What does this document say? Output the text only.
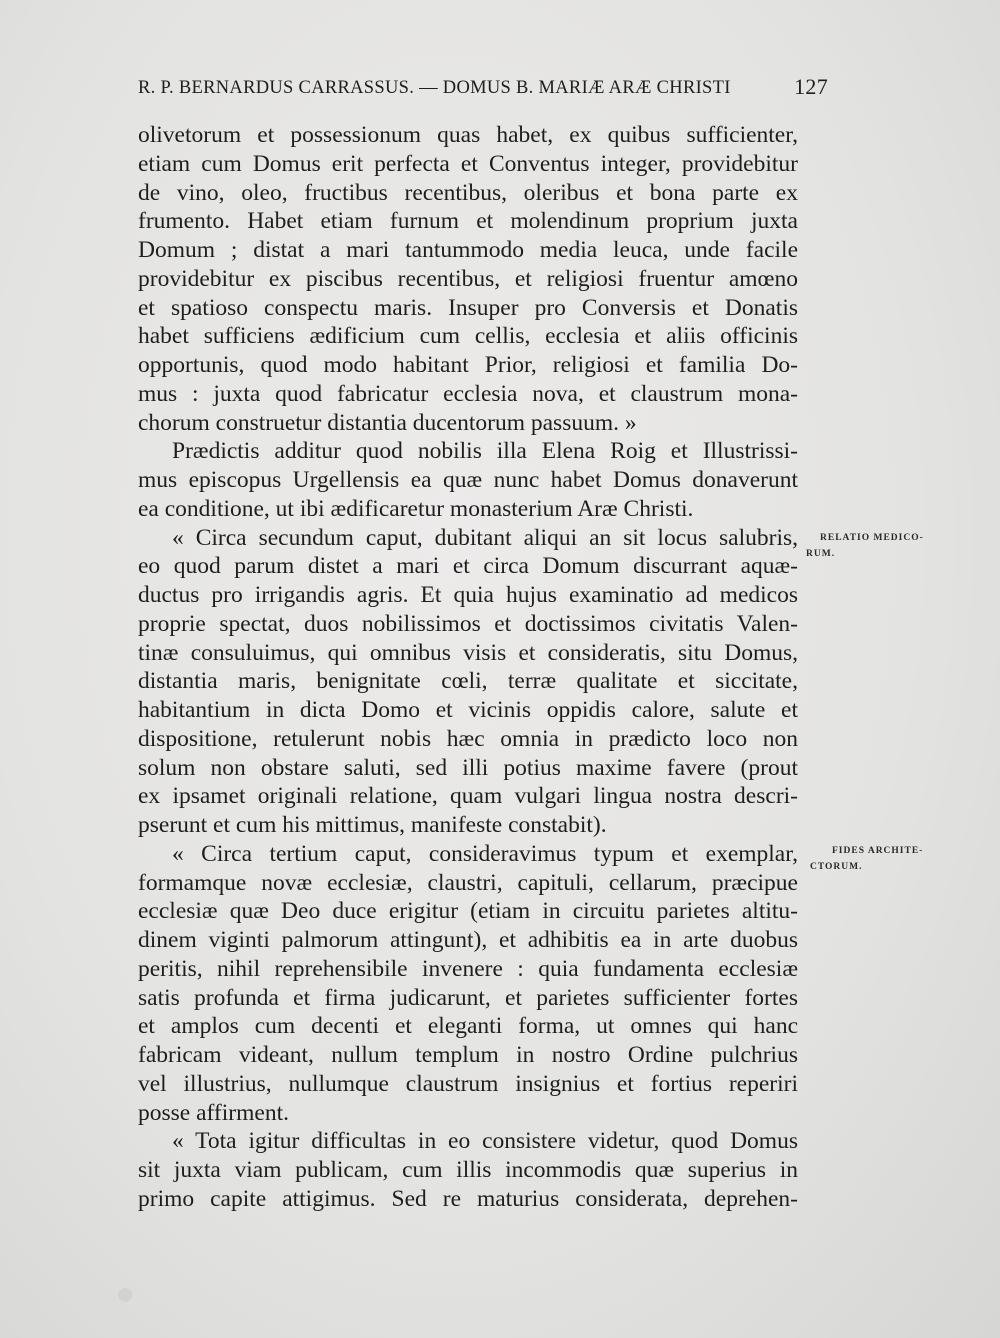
R. P. BERNARDUS CARRASSUS. — DOMUS B. MARIÆ ARÆ CHRISTI	127
olivetorum et possessionum quas habet, ex quibus sufficienter,
etiam cum Domus erit perfecta et Conventus integer, providebitur
de vino, oleo, fructibus recentibus, oleribus et bona parte ex
frumento. Habet etiam furnum et molendinum proprium juxta
Domum ; distat a mari tantummodo media leuca, unde facile
providebitur ex piscibus recentibus, et religiosi fruentur amœno
et spatioso conspectu maris. Insuper pro Conversis et Donatis
habet sufficiens ædificium cum cellis, ecclesia et aliis officinis
opportunis, quod modo habitant Prior, religiosi et familia Do-
mus : juxta quod fabricatur ecclesia nova, et claustrum mona-
chorum construetur distantia ducentorum passuum. »
Prædictis additur quod nobilis illa Elena Roig et Illustrissi-
mus episcopus Urgellensis ea quæ nunc habet Domus donaverunt
ea conditione, ut ibi ædificaretur monasterium Aræ Christi.
« Circa secundum caput, dubitant aliqui an sit locus salubris,
eo quod parum distet a mari et circa Domum discurrant aquæ-
ductus pro irrigandis agris. Et quia hujus examinatio ad medicos
proprie spectat, duos nobilissimos et doctissimos civitatis Valen-
tinæ consuluimus, qui omnibus visis et consideratis, situ Domus,
distantia maris, benignitate cœli, terræ qualitate et siccitate,
habitantium in dicta Domo et vicinis oppidis calore, salute et
dispositione, retulerunt nobis hæc omnia in prædicto loco non
solum non obstare saluti, sed illi potius maxime favere (prout
ex ipsamet originali relatione, quam vulgari lingua nostra descri-
pserunt et cum his mittimus, manifeste constabit).
« Circa tertium caput, consideravimus typum et exemplar,
formamque novæ ecclesiæ, claustri, capituli, cellarum, præcipue
ecclesiæ quæ Deo duce erigitur (etiam in circuitu parietes altitu-
dinem viginti palmorum attingunt), et adhibitis ea in arte duobus
peritis, nihil reprehensibile invenere : quia fundamenta ecclesiæ
satis profunda et firma judicarunt, et parietes sufficienter fortes
et amplos cum decenti et eleganti forma, ut omnes qui hanc
fabricam videant, nullum templum in nostro Ordine pulchrius
vel illustrius, nullumque claustrum insignius et fortius reperiri
posse affirment.
« Tota igitur difficultas in eo consistere videtur, quod Domus
sit juxta viam publicam, cum illis incommodis quæ superius in
primo capite attigimus. Sed re maturius considerata, deprehen-
RELATIO MEDICO-
RUM.
FIDES ARCHITE-
CTORUM.
